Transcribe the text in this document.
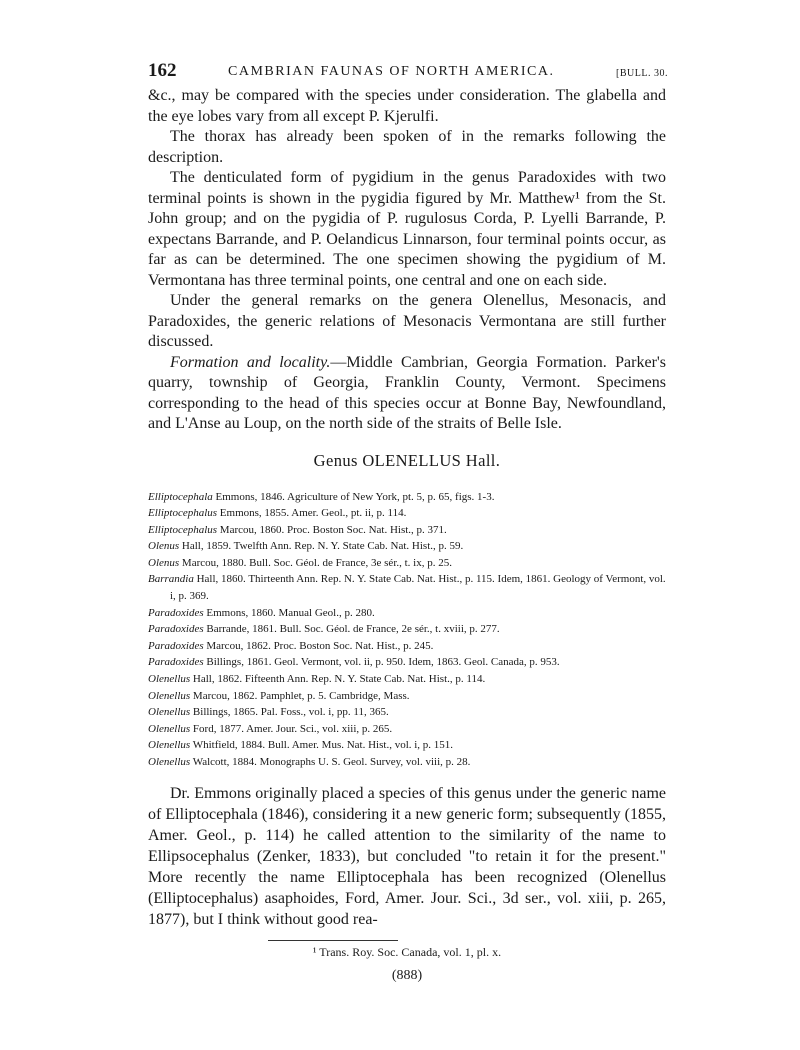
162	CAMBRIAN FAUNAS OF NORTH AMERICA.	[BULL. 30.

&c., may be compared with the species under consideration. The glabella and the eye lobes vary from all except P. Kjerulfi.

The thorax has already been spoken of in the remarks following the description.

The denticulated form of pygidium in the genus Paradoxides with two terminal points is shown in the pygidia figured by Mr. Matthew¹ from the St. John group; and on the pygidia of P. rugulosus Corda, P. Lyelli Barrande, P. expectans Barrande, and P. Oelandicus Linnarson, four terminal points occur, as far as can be determined. The one specimen showing the pygidium of M. Vermontana has three terminal points, one central and one on each side.

Under the general remarks on the genera Olenellus, Mesonacis, and Paradoxides, the generic relations of Mesonacis Vermontana are still further discussed.

Formation and locality.—Middle Cambrian, Georgia Formation. Parker's quarry, township of Georgia, Franklin County, Vermont. Specimens corresponding to the head of this species occur at Bonne Bay, Newfoundland, and L'Anse au Loup, on the north side of the straits of Belle Isle.

Genus OLENELLUS Hall.

Elliptocephala Emmons, 1846. Agriculture of New York, pt. 5, p. 65, figs. 1-3.

Elliptocephalus Emmons, 1855. Amer. Geol., pt. ii, p. 114.

Elliptocephalus Marcou, 1860. Proc. Boston Soc. Nat. Hist., p. 371.

Olenus Hall, 1859. Twelfth Ann. Rep. N. Y. State Cab. Nat. Hist., p. 59.

Olenus Marcou, 1880. Bull. Soc. Géol. de France, 3e sér., t. ix, p. 25.

Barrandia Hall, 1860. Thirteenth Ann. Rep. N. Y. State Cab. Nat. Hist., p. 115. Idem, 1861. Geology of Vermont, vol. i, p. 369.

Paradoxides Emmons, 1860. Manual Geol., p. 280.

Paradoxides Barrande, 1861. Bull. Soc. Géol. de France, 2e sér., t. xviii, p. 277.

Paradoxides Marcou, 1862. Proc. Boston Soc. Nat. Hist., p. 245.

Paradoxides Billings, 1861. Geol. Vermont, vol. ii, p. 950. Idem, 1863. Geol. Canada, p. 953.

Olenellus Hall, 1862. Fifteenth Ann. Rep. N. Y. State Cab. Nat. Hist., p. 114.

Olenellus Marcou, 1862. Pamphlet, p. 5. Cambridge, Mass.

Olenellus Billings, 1865. Pal. Foss., vol. i, pp. 11, 365.

Olenellus Ford, 1877. Amer. Jour. Sci., vol. xiii, p. 265.

Olenellus Whitfield, 1884. Bull. Amer. Mus. Nat. Hist., vol. i, p. 151.

Olenellus Walcott, 1884. Monographs U. S. Geol. Survey, vol. viii, p. 28.

Dr. Emmons originally placed a species of this genus under the generic name of Elliptocephala (1846), considering it a new generic form; subsequently (1855, Amer. Geol., p. 114) he called attention to the similarity of the name to Ellipsocephalus (Zenker, 1833), but concluded "to retain it for the present." More recently the name Elliptocephala has been recognized (Olenellus (Elliptocephalus) asaphoides, Ford, Amer. Jour. Sci., 3d ser., vol. xiii, p. 265, 1877), but I think without good rea-

¹ Trans. Roy. Soc. Canada, vol. 1, pl. x.
(888)
